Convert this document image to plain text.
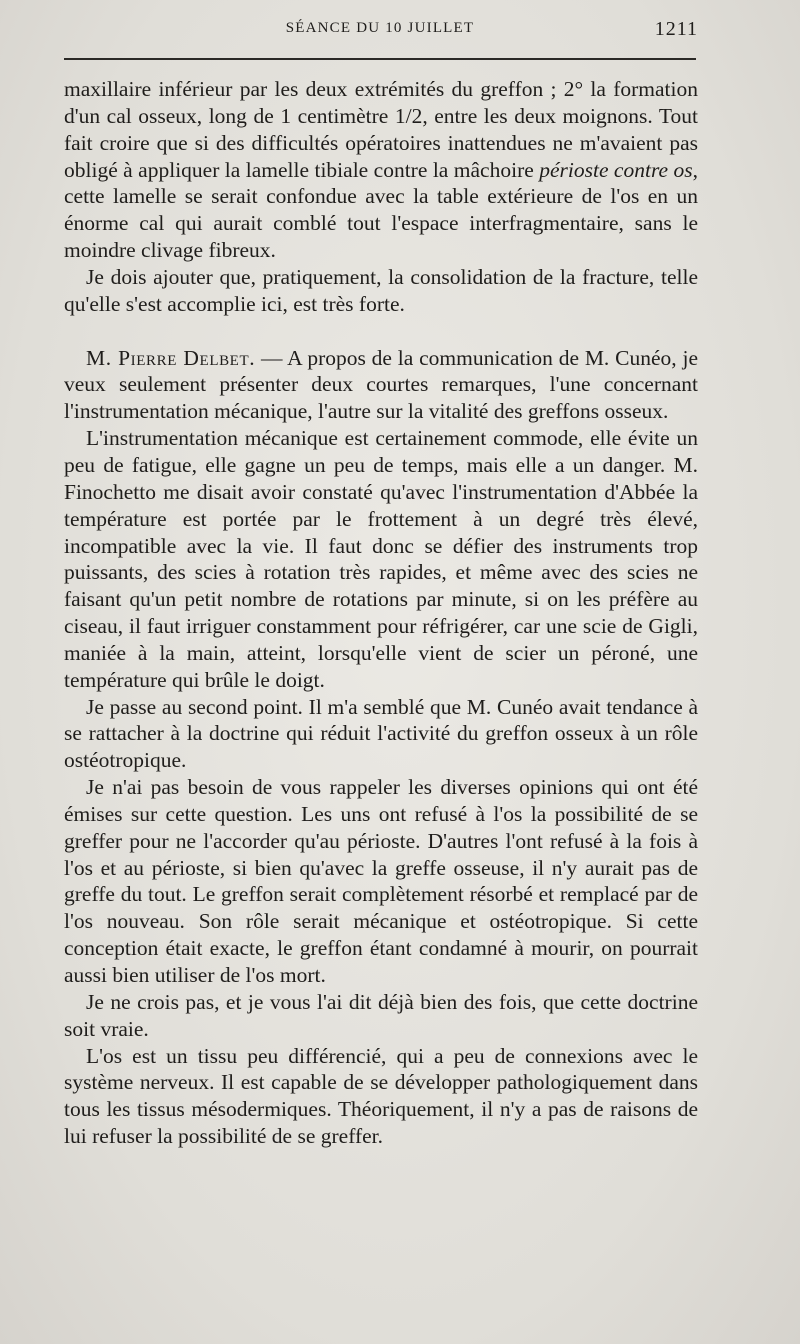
SÉANCE DU 10 JUILLET	1211

maxillaire inférieur par les deux extrémités du greffon ; 2° la formation d'un cal osseux, long de 1 centimètre 1/2, entre les deux moignons. Tout fait croire que si des difficultés opératoires inattendues ne m'avaient pas obligé à appliquer la lamelle tibiale contre la mâchoire périoste contre os, cette lamelle se serait confondue avec la table extérieure de l'os en un énorme cal qui aurait comblé tout l'espace interfragmentaire, sans le moindre clivage fibreux.

Je dois ajouter que, pratiquement, la consolidation de la fracture, telle qu'elle s'est accomplie ici, est très forte.

M. Pierre Delbet. — A propos de la communication de M. Cunéo, je veux seulement présenter deux courtes remarques, l'une concernant l'instrumentation mécanique, l'autre sur la vitalité des greffons osseux.

L'instrumentation mécanique est certainement commode, elle évite un peu de fatigue, elle gagne un peu de temps, mais elle a un danger. M. Finochetto me disait avoir constaté qu'avec l'instrumentation d'Abbée la température est portée par le frottement à un degré très élevé, incompatible avec la vie. Il faut donc se défier des instruments trop puissants, des scies à rotation très rapides, et même avec des scies ne faisant qu'un petit nombre de rotations par minute, si on les préfère au ciseau, il faut irriguer constamment pour réfrigérer, car une scie de Gigli, maniée à la main, atteint, lorsqu'elle vient de scier un péroné, une température qui brûle le doigt.

Je passe au second point. Il m'a semblé que M. Cunéo avait tendance à se rattacher à la doctrine qui réduit l'activité du greffon osseux à un rôle ostéotropique.

Je n'ai pas besoin de vous rappeler les diverses opinions qui ont été émises sur cette question. Les uns ont refusé à l'os la possibilité de se greffer pour ne l'accorder qu'au périoste. D'autres l'ont refusé à la fois à l'os et au périoste, si bien qu'avec la greffe osseuse, il n'y aurait pas de greffe du tout. Le greffon serait complètement résorbé et remplacé par de l'os nouveau. Son rôle serait mécanique et ostéotropique. Si cette conception était exacte, le greffon étant condamné à mourir, on pourrait aussi bien utiliser de l'os mort.

Je ne crois pas, et je vous l'ai dit déjà bien des fois, que cette doctrine soit vraie.

L'os est un tissu peu différencié, qui a peu de connexions avec le système nerveux. Il est capable de se développer pathologiquement dans tous les tissus mésodermiques. Théoriquement, il n'y a pas de raisons de lui refuser la possibilité de se greffer.
